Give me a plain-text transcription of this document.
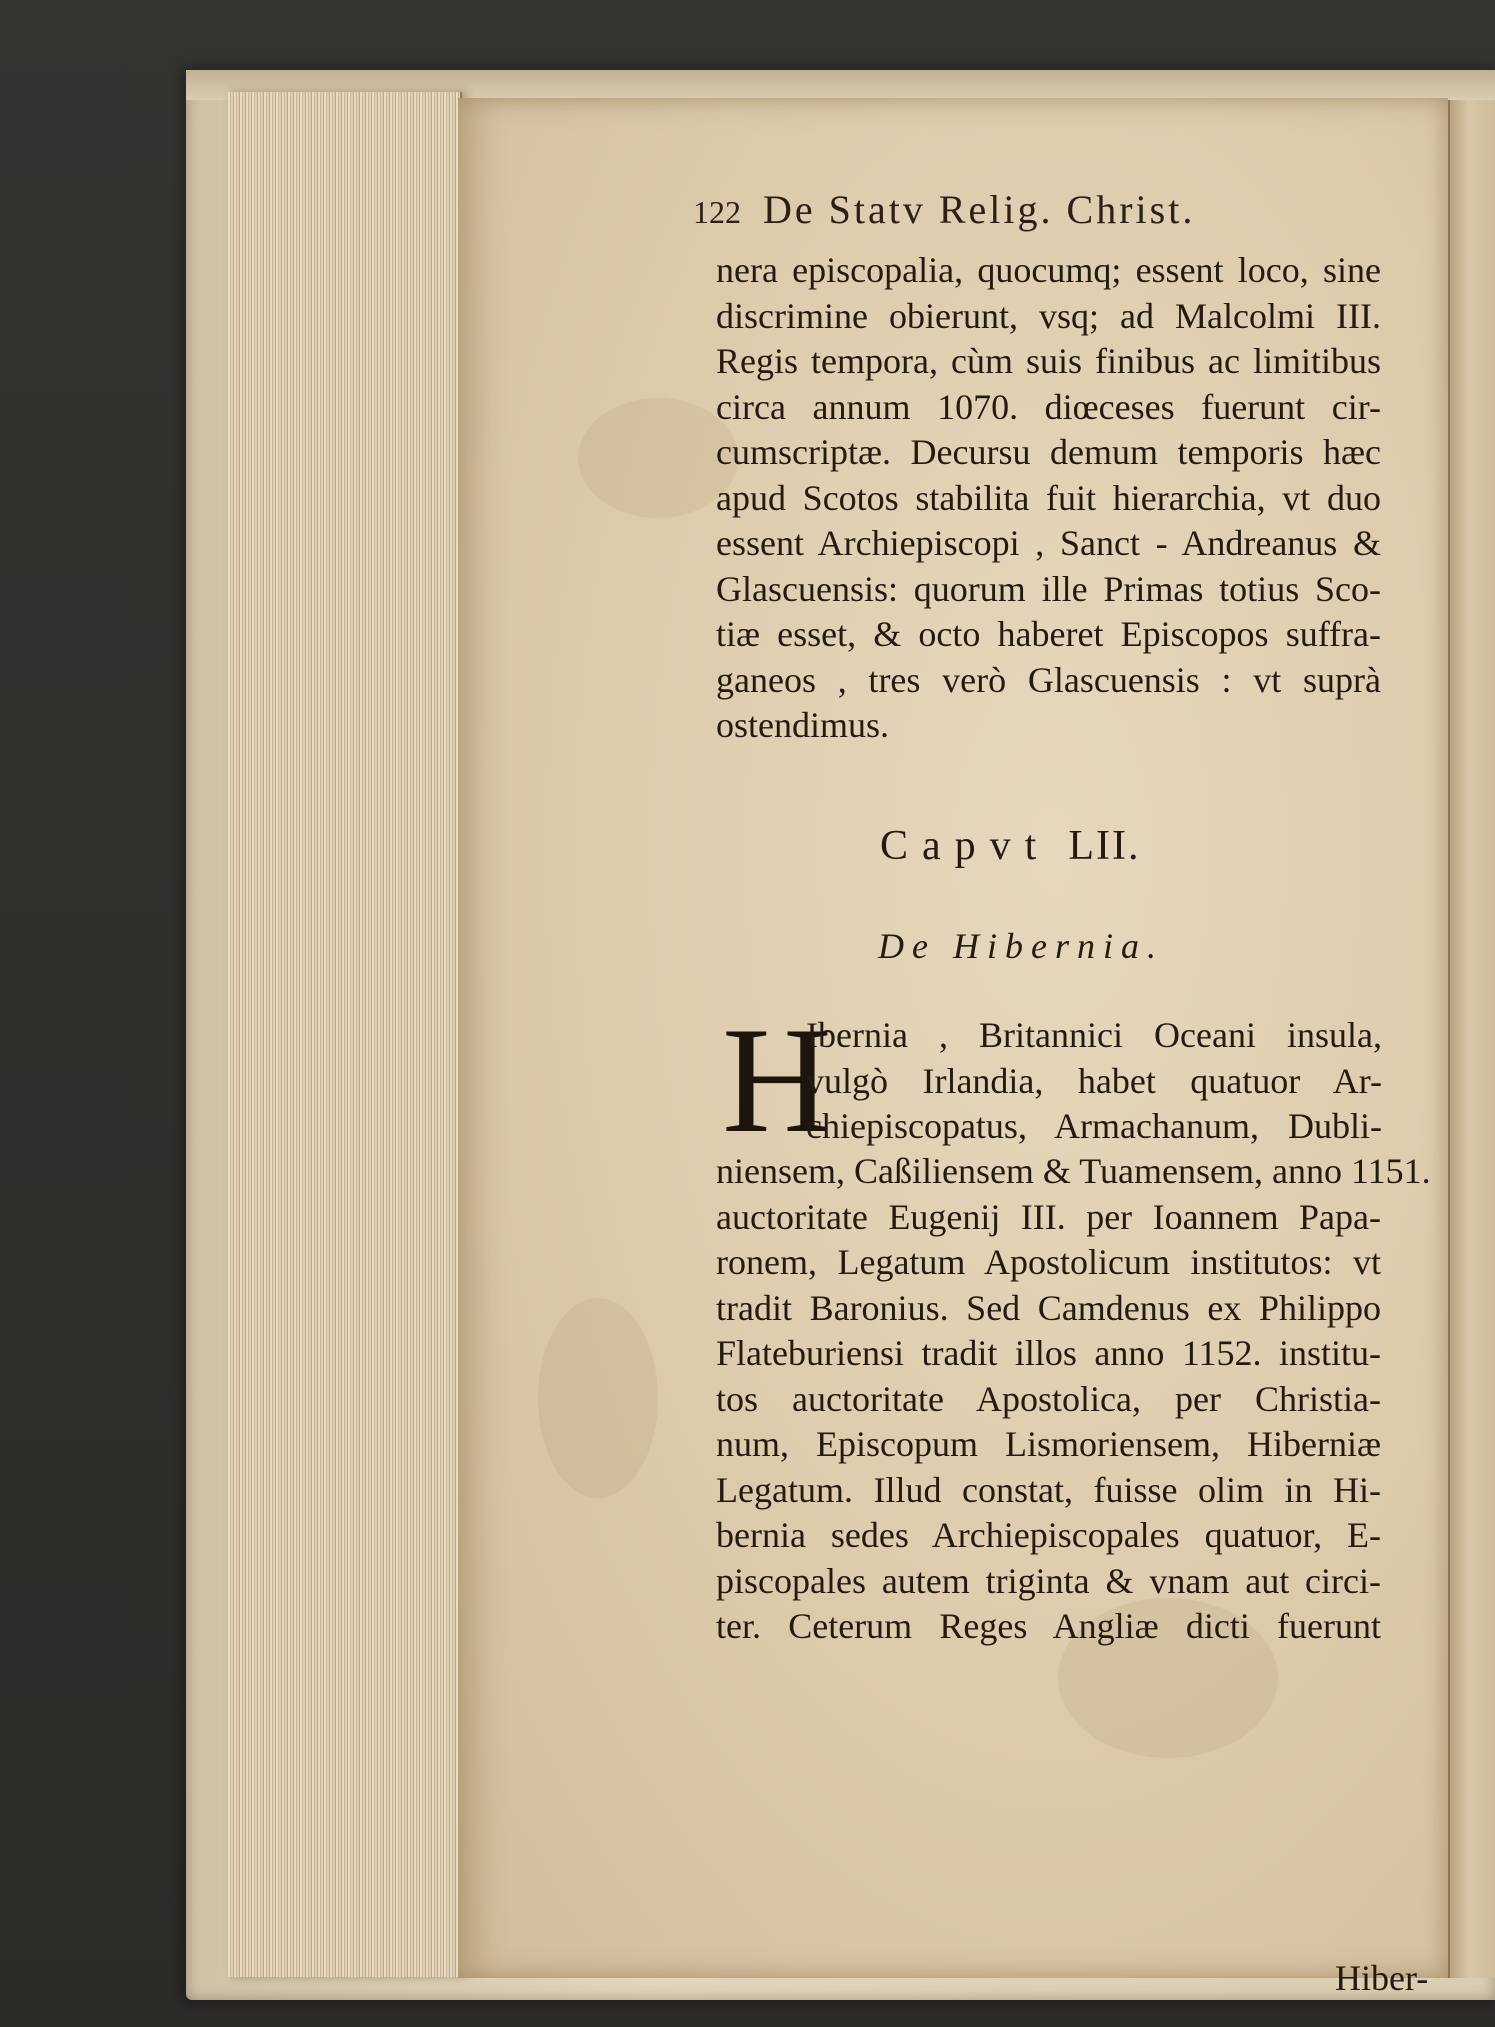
122 De Statv Relig. Christ.
nera episcopalia, quocumq; essent loco, sine
discrimine obierunt, vsq; ad Malcolmi III.
Regis tempora, cùm suis finibus ac limitibus
circa annum 1070. diœceses fuerunt cir-
cumscriptæ. Decursu demum temporis hæc
apud Scotos stabilita fuit hierarchia, vt duo
essent Archiepiscopi , Sanct - Andreanus &
Glascuensis: quorum ille Primas totius Sco-
tiæ esset, & octo haberet Episcopos suffra-
ganeos , tres verò Glascuensis : vt suprà
ostendimus.
Capvt LII.
De Hibernia.
H
Ibernia , Britannici Oceani insula,
vulgò Irlandia, habet quatuor Ar-
chiepiscopatus, Armachanum, Dubli-
niensem, Caßiliensem & Tuamensem, anno 1151.
auctoritate Eugenij III. per Ioannem Papa-
ronem, Legatum Apostolicum institutos: vt
tradit Baronius. Sed Camdenus ex Philippo
Flateburiensi tradit illos anno 1152. institu-
tos auctoritate Apostolica, per Christia-
num, Episcopum Lismoriensem, Hiberniæ
Legatum. Illud constat, fuisse olim in Hi-
bernia sedes Archiepiscopales quatuor, E-
piscopales autem triginta & vnam aut circi-
ter. Ceterum Reges Angliæ dicti fuerunt
Hiber-
